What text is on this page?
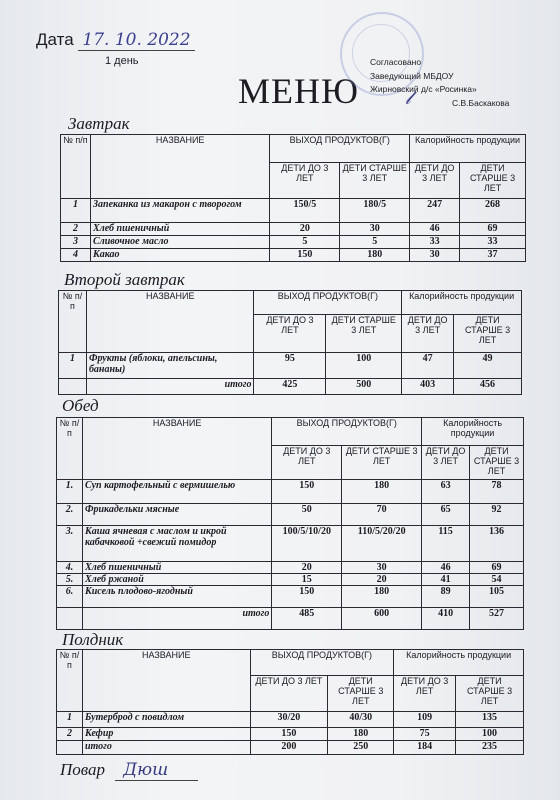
Дата 17. 10. 2022
1 день
МЕНЮ
Согласовано
Заведующий МБДОУ
Жирновский д/с «Росинка»
С.В.Баскакова
𝓁
Завтрак
№ п/п	НАЗВАНИЕ	ВЫХОД ПРОДУКТОВ(Г)		Калорийность продукции	
		ДЕТИ ДО 3 ЛЕТ	ДЕТИ СТАРШЕ 3 ЛЕТ	ДЕТИ ДО 3 ЛЕТ	ДЕТИ СТАРШЕ 3 ЛЕТ
1	Запеканка из макарон с творогом	150/5	180/5	247	268
2	Хлеб пшеничный	20	30	46	69
3	Сливочное масло	5	5	33	33
4	Какао	150	180	30	37
Второй завтрак
№ п/п	НАЗВАНИЕ	ВЫХОД ПРОДУКТОВ(Г)		Калорийность продукции	
		ДЕТИ ДО 3 ЛЕТ	ДЕТИ СТАРШЕ 3 ЛЕТ	ДЕТИ ДО 3 ЛЕТ	ДЕТИ СТАРШЕ 3 ЛЕТ
1	Фрукты (яблоки, апельсины, бананы)	95	100	47	49
	итого	425	500	403	456
Обед
№ п/п	НАЗВАНИЕ	ВЫХОД ПРОДУКТОВ(Г)		Калорийность продукции	
		ДЕТИ ДО 3 ЛЕТ	ДЕТИ СТАРШЕ 3 ЛЕТ	ДЕТИ ДО 3 ЛЕТ	ДЕТИ СТАРШЕ 3 ЛЕТ
1.	Суп картофельный с вермишелью	150	180	63	78
2.	Фрикадельки мясные	50	70	65	92
3.	Каша ячневая с маслом и икрой кабачковой +свежий помидор	100/5/10/20	110/5/20/20	115	136
4.	Хлеб пшеничный	20	30	46	69
5.	Хлеб ржаной	15	20	41	54
6.	Кисель плодово-ягодный	150	180	89	105
	итого	485	600	410	527
Полдник
№ п/п	НАЗВАНИЕ	ВЫХОД ПРОДУКТОВ(Г)		Калорийность продукции	
		ДЕТИ ДО 3 ЛЕТ	ДЕТИ СТАРШЕ 3 ЛЕТ	ДЕТИ ДО 3 ЛЕТ	ДЕТИ СТАРШЕ 3 ЛЕТ
1	Бутерброд с повидлом	30/20	40/30	109	135
2	Кефир	150	180	75	100
	итого	200	250	184	235
Повар Дюш
